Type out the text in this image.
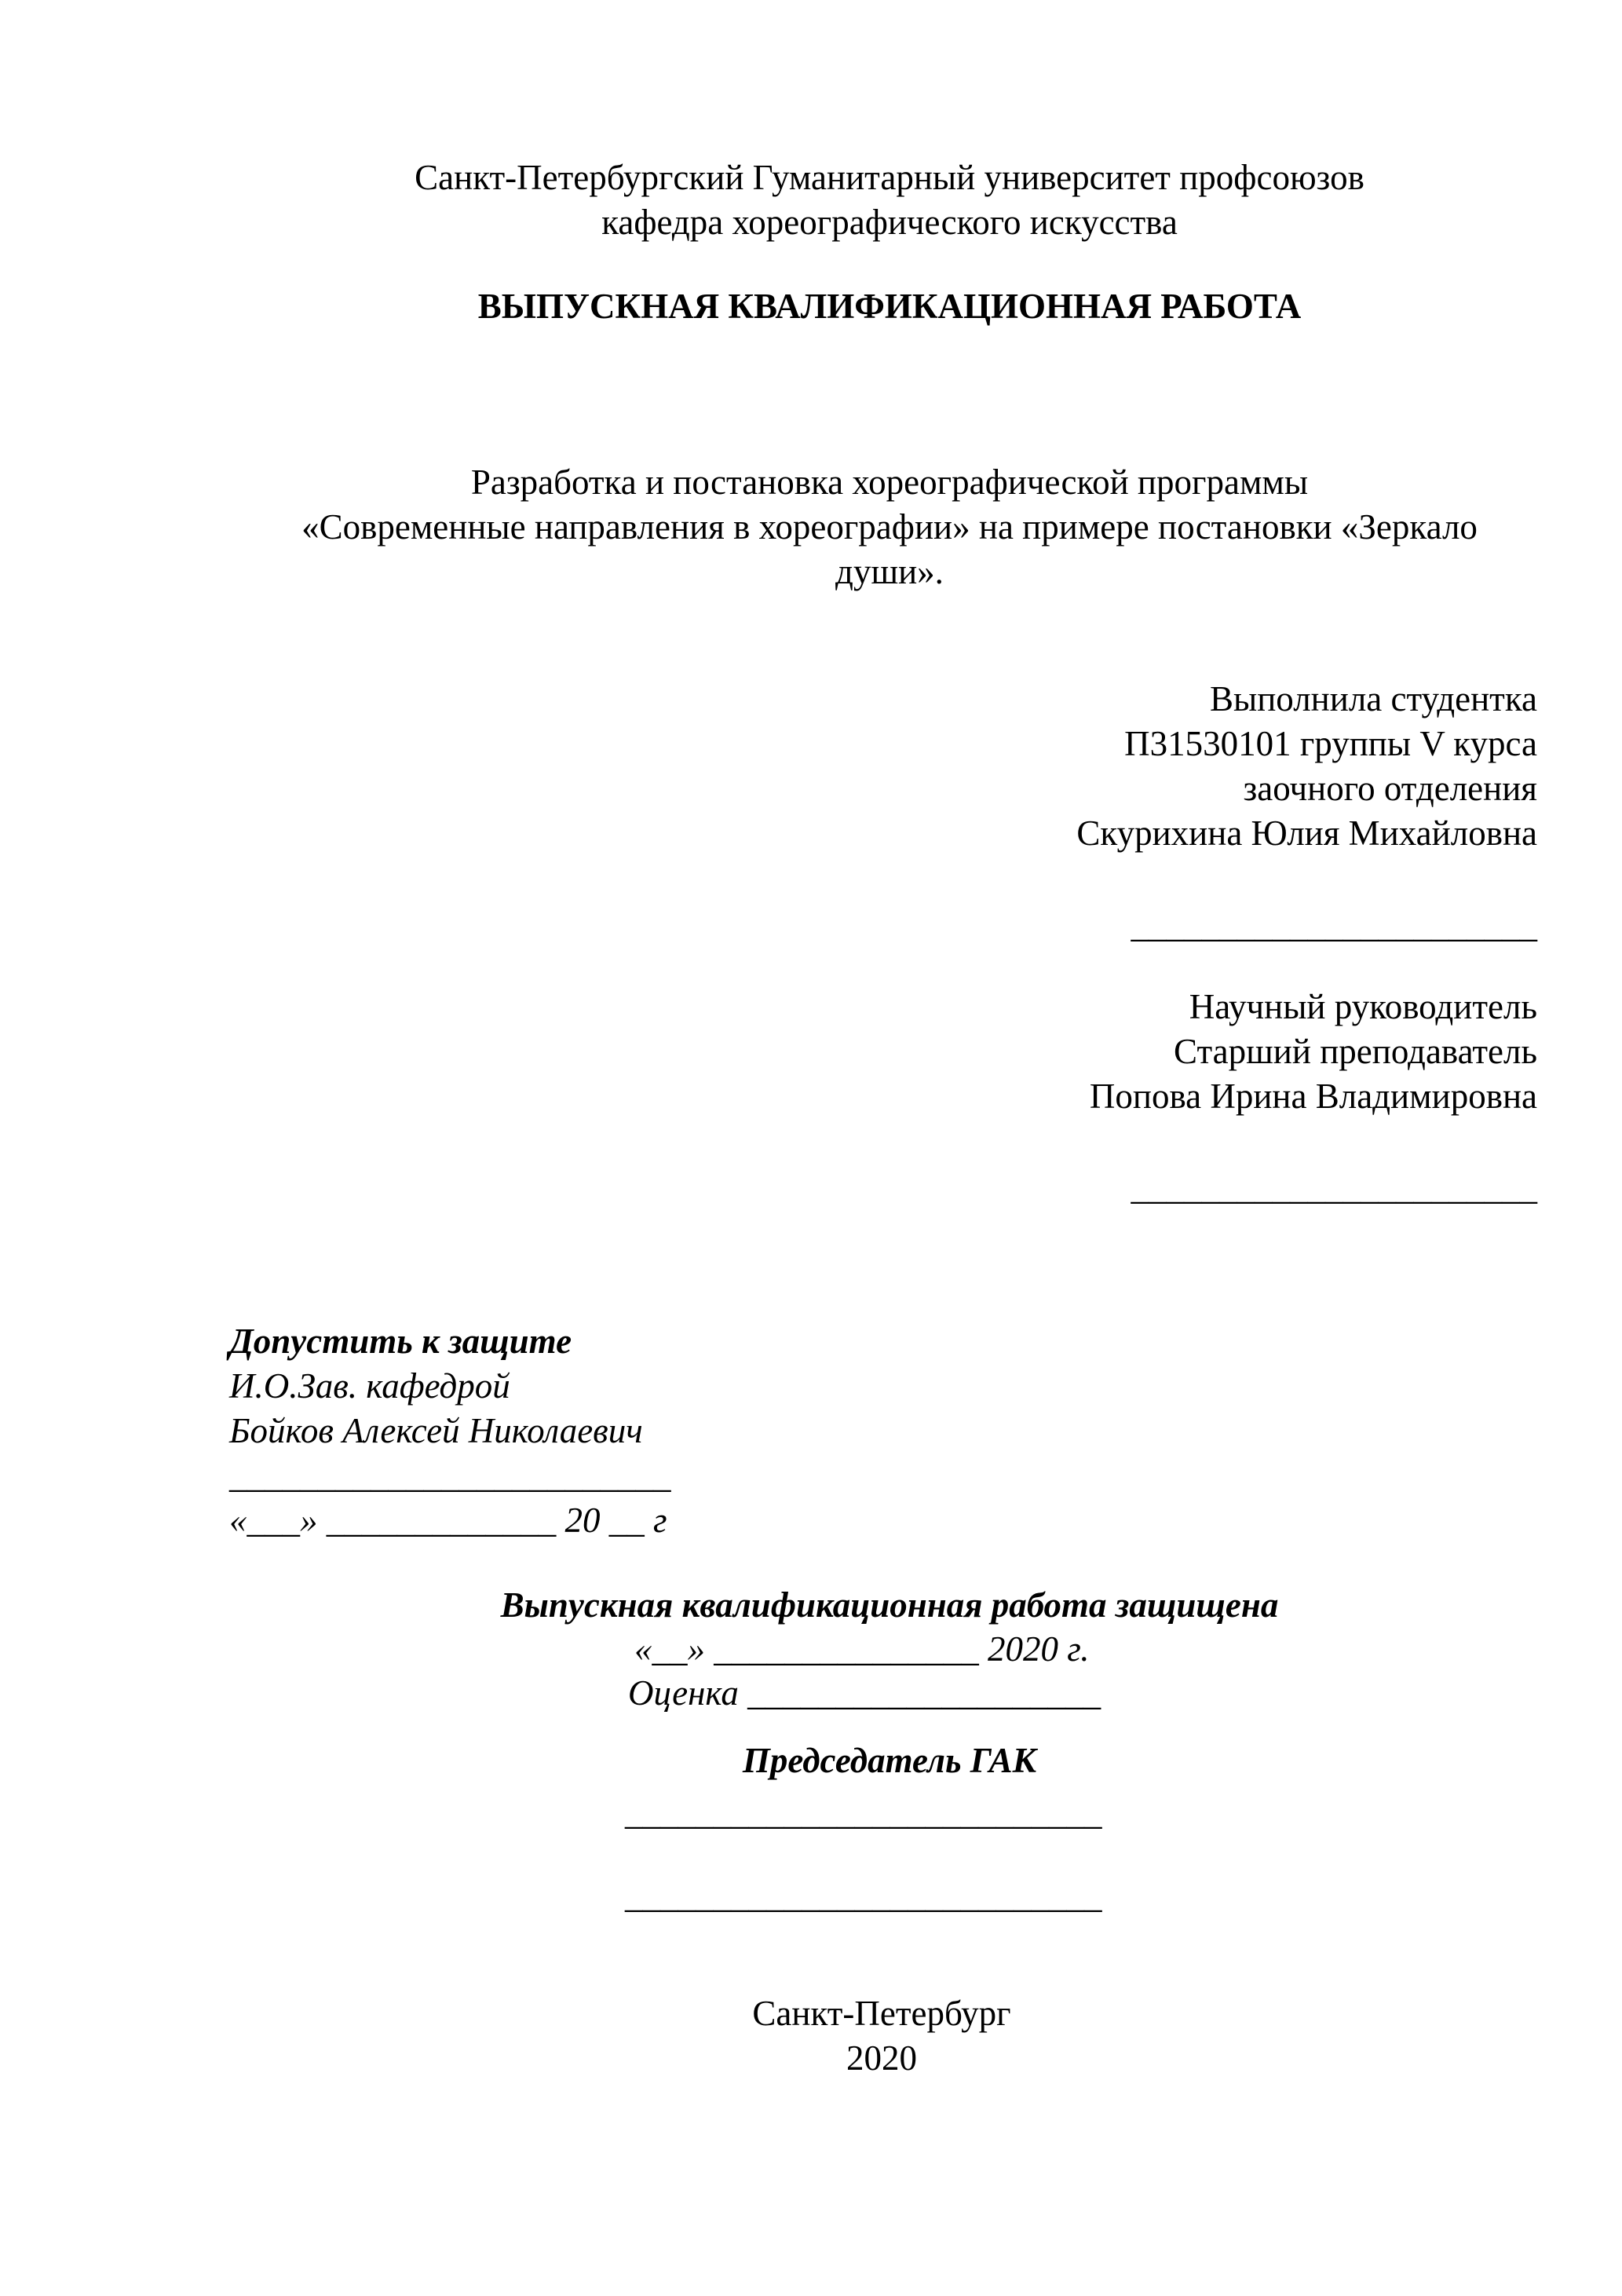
Санкт-Петербургский Гуманитарный университет профсоюзов
кафедра хореографического искусства
ВЫПУСКНАЯ КВАЛИФИКАЦИОННАЯ РАБОТА
Разработка и постановка хореографической программы
«Современные направления в хореографии» на примере постановки «Зеркало
души».
Выполнила студентка
П31530101 группы V курса
заочного отделения
Скурихина Юлия Михайловна
_______________________
Научный руководитель
Старший преподаватель
Попова Ирина Владимировна
_______________________
Допустить к защите
И.О.Зав. кафедрой
Бойков Алексей Николаевич
_________________________
«___» _____________ 20 __ г
Выпускная квалификационная работа защищена
«__» _______________ 2020 г.
Оценка ____________________
Председатель ГАК
___________________________
___________________________
Санкт-Петербург
2020
